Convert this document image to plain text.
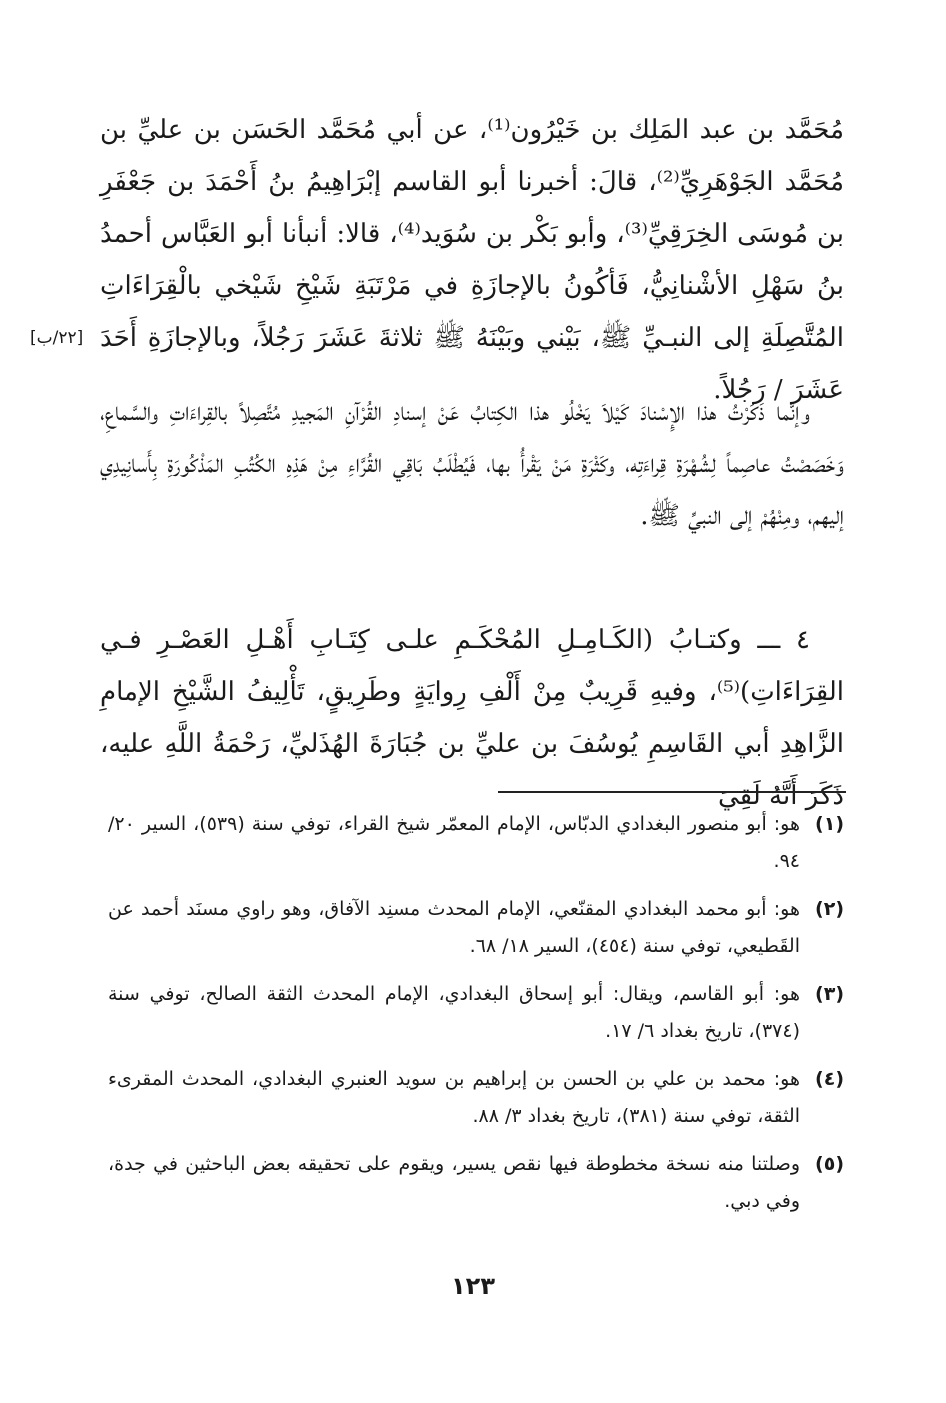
مُحَمَّد بن عبد المَلِك بن خَيْرُون⁽¹⁾، عن أبي مُحَمَّد الحَسَن بن عليِّ بن مُحَمَّد الجَوْهَرِيِّ⁽²⁾، قالَ: أخبرنا أبو القاسم إبْرَاهِيمُ بنُ أَحْمَدَ بن جَعْفَرِ بن مُوسَى الخِرَقِيِّ⁽³⁾، وأبو بَكْر بن سُوَيد⁽⁴⁾، قالا: أنبأنا أبو العَبَّاس أحمدُ بنُ سَهْلِ الأشْنانِيُّ، فَأكُونُ بالإجازَةِ في مَرْتَبَةِ شَيْخِ شَيْخي بالْقِرَاءَاتِ المُتَّصِلَةِ إلى النبـيِّ ﷺ، بَيْني وبَيْنَهُ ﷺ ثلاثةَ عَشَرَ رَجُلاً، وبالإجازَةِ أَحَدَ عَشَرَ / رَجُلاً.
[٢٢/ب]
وإنَّما ذَكَرْتُ هذا الإِسْنادَ كَيْلاَ يَخْلُو هذا الكِتابُ عَنْ إسنادِ القُرْآنِ المَجيدِ مُتَّصِلاً بالقِراءَاتِ والسَّماعِ، وَخَصَصْتُ عاصِماً لِشُهْرَةِ قِراءَتِه، وكَثْرَةِ مَنْ يَقْرأُ بها، فَيُطْلَبُ بَاقِي القُرَّاءِ مِنْ هَذِهِ الكُتُبِ المَذْكُورَةِ بِأَسانِيدِي إليهم، ومِنْهُمْ إلى النبيِّ ﷺ.
٤ ـــ وكتـابُ (الكَـامِـلِ المُحْكَـمِ علـى كِتَـابِ أَهْـلِ العَصْـرِ فـي القِرَاءَاتِ)⁽⁵⁾، وفيهِ قَرِيبٌ مِنْ أَلْفِ رِوايَةٍ وطَرِيقٍ، تَأْلِيفُ الشَّيْخِ الإمامِ الزَّاهِدِ أبي القَاسِمِ يُوسُفَ بن عليِّ بن جُبَارَةَ الهُذَليِّ، رَحْمَةُ اللَّهِ عليه، ذَكَرَ أَنَّهُ لَقِيَ
(١)
هو: أبو منصور البغدادي الدبّاس، الإمام المعمّر شيخ القراء، توفي سنة (٥٣٩)، السير ٢٠/ ٩٤.
(٢)
هو: أبو محمد البغدادي المقنّعي، الإمام المحدث مسنِد الآفاق، وهو راوي مسنَد أحمد عن القَطيعي، توفي سنة (٤٥٤)، السير ١٨/ ٦٨.
(٣)
هو: أبو القاسم، ويقال: أبو إسحاق البغدادي، الإمام المحدث الثقة الصالح، توفي سنة (٣٧٤)، تاريخ بغداد ٦/ ١٧.
(٤)
هو: محمد بن علي بن الحسن بن إبراهيم بن سويد العنبري البغدادي، المحدث المقرىء الثقة، توفي سنة (٣٨١)، تاريخ بغداد ٣/ ٨٨.
(٥)
وصلتنا منه نسخة مخطوطة فيها نقص يسير، ويقوم على تحقيقه بعض الباحثين في جدة، وفي دبي.
١٢٣
